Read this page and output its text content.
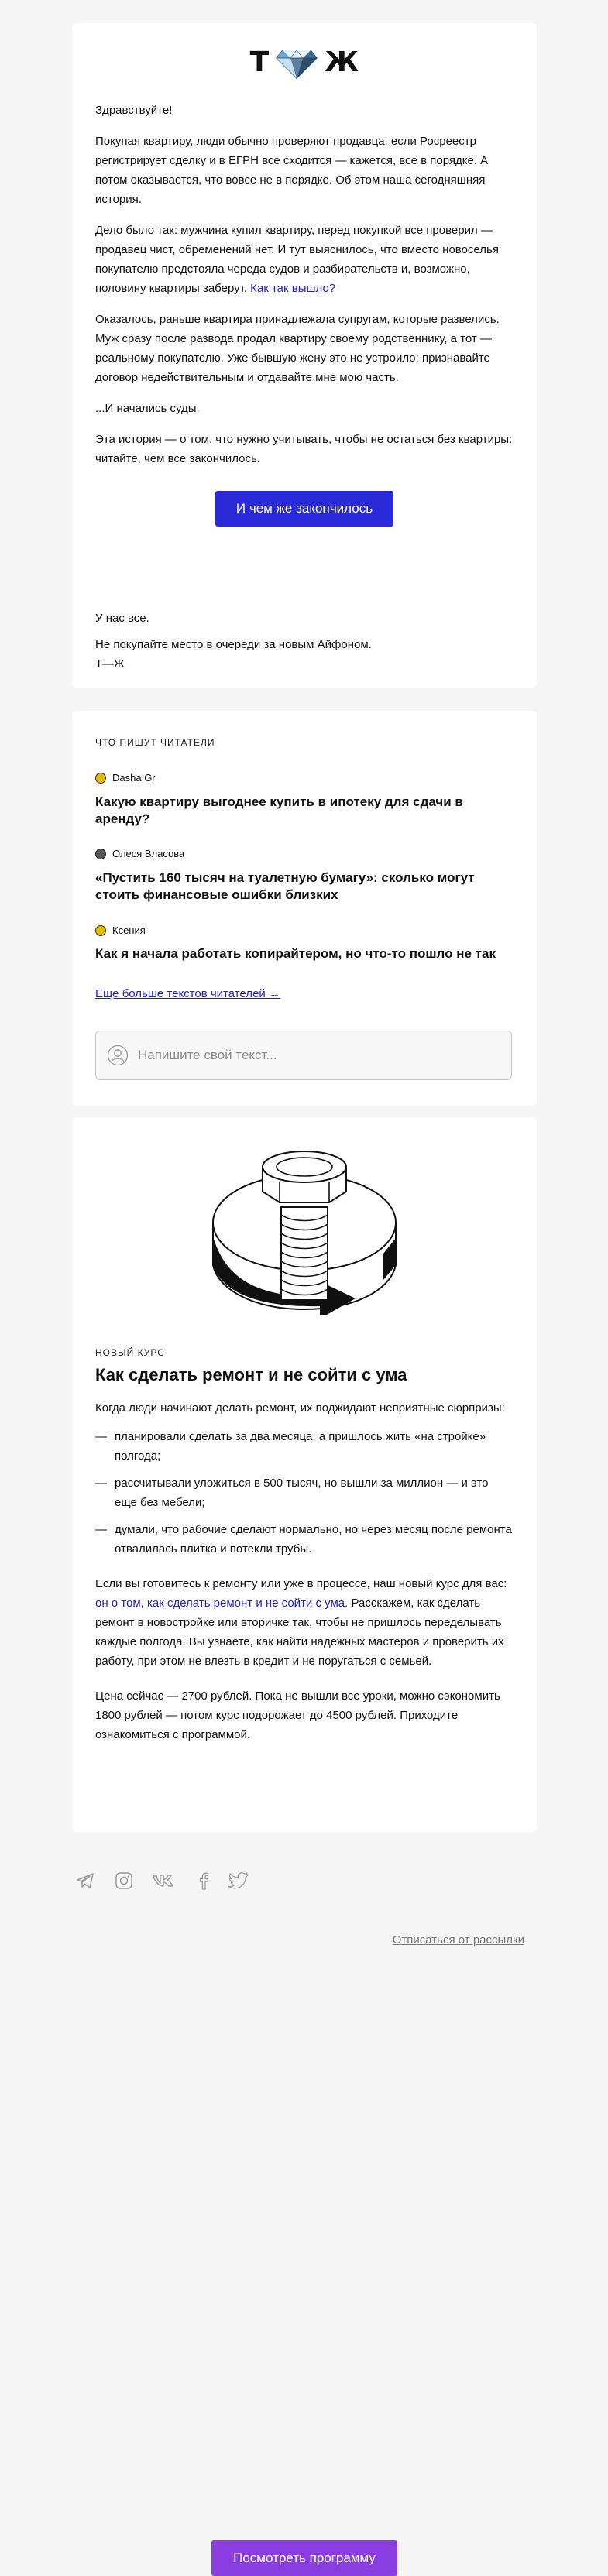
Т Ж

Здравствуйте!

Покупая квартиру, люди обычно проверяют продавца: если Росреестр регистрирует сделку и в ЕГРН все сходится — кажется, все в порядке. А потом оказывается, что вовсе не в порядке. Об этом наша сегодняшняя история.

Дело было так: мужчина купил квартиру, перед покупкой все проверил — продавец чист, обременений нет. И тут выяснилось, что вместо новоселья покупателю предстояла череда судов и разбирательств и, возможно, половину квартиры заберут. Как так вышло?

Оказалось, раньше квартира принадлежала супругам, которые развелись. Муж сразу после развода продал квартиру своему родственнику, а тот — реальному покупателю. Уже бывшую жену это не устроило: признавайте договор недействительным и отдавайте мне мою часть.

...И начались суды.

Эта история — о том, что нужно учитывать, чтобы не остаться без квартиры: читайте, чем все закончилось.

И чем же закончилось

У нас все.

Не покупайте место в очереди за новым Айфоном.

Т—Ж

ЧТО ПИШУТ ЧИТАТЕЛИ
Dasha Gr
Какую квартиру выгоднее купить в ипотеку для сдачи в аренду?
Олеся Власова
«Пустить 160 тысяч на туалетную бумагу»: сколько могут стоить финансовые ошибки близких
Ксения
Как я начала работать копирайтером, но что-то пошло не так
Еще больше текстов читателей →
Напишите свой текст...
НОВЫЙ КУРС
Как сделать ремонт и не сойти с ума

Когда люди начинают делать ремонт, их поджидают неприятные сюрпризы:

— планировали сделать за два месяца, а пришлось жить «на стройке» полгода;
— рассчитывали уложиться в 500 тысяч, но вышли за миллион — и это еще без мебели;
— думали, что рабочие сделают нормально, но через месяц после ремонта отвалилась плитка и потекли трубы.

Если вы готовитесь к ремонту или уже в процессе, наш новый курс для вас: он о том, как сделать ремонт и не сойти с ума. Расскажем, как сделать ремонт в новостройке или вторичке так, чтобы не пришлось переделывать каждые полгода. Вы узнаете, как найти надежных мастеров и проверить их работу, при этом не влезть в кредит и не поругаться с семьей.

Цена сейчас — 2700 рублей. Пока не вышли все уроки, можно сэкономить 1800 рублей — потом курс подорожает до 4500 рублей. Приходите ознакомиться с программой.

Посмотреть программу
Отписаться от рассылки
